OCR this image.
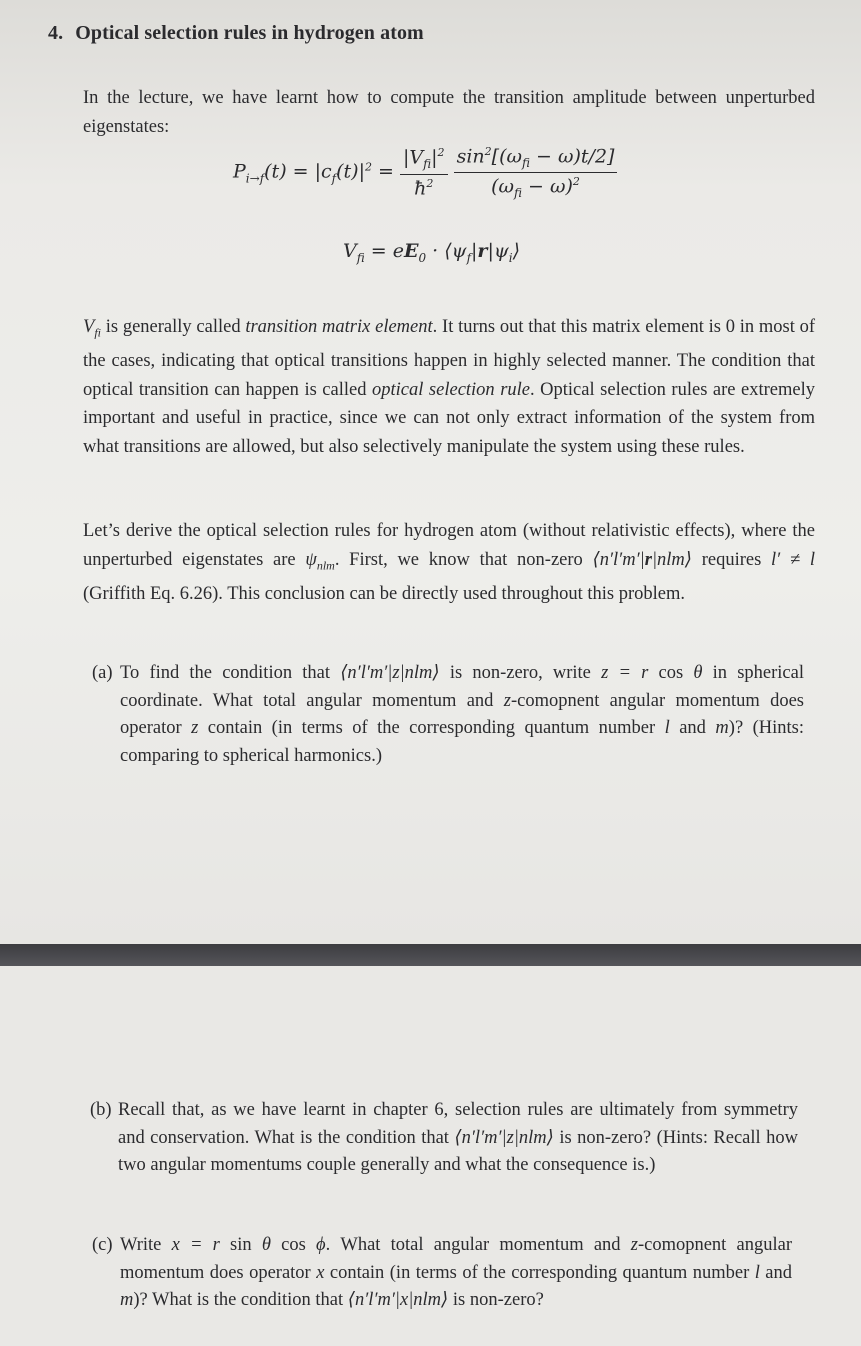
4. Optical selection rules in hydrogen atom
In the lecture, we have learnt how to compute the transition amplitude between unperturbed eigenstates:
$P_{i\to f}(t) = |c_f(t)|^2 = \frac{|V_{fi}|^2}{ħ^2}$
$\frac{\sin^2[(\omega_{fi} - \omega)t/2]}{(\omega_{fi} - \omega)^2}$
$V_{fi} = eE_0$ · $⟨\psi_f|r|\psi_i⟩$
$V_{fi}$ is generally called transition matrix element. It turns out that this matrix element is 0 in most of the cases, indicating that optical transitions happen in highly selected manner. The condition that optical transition can happen is called optical selection rule. Optical selection rules are extremely important and useful in practice, since we can not only extract information of the system from what transitions are allowed, but also selectively manipulate the system using these rules.
Let’s derive the optical selection rules for hydrogen atom (without relativistic effects), where the unperturbed eigenstates are $\psi_{nlm}$. First, we know that non-zero ⟨n′l′m′|r|nlm⟩ requires l′ ≠ l (Griffith Eq. 6.26). This conclusion can be directly used throughout this problem.
(a) To find the condition that ⟨n′l′m′|z|nlm⟩ is non-zero, write z = r cos θ in spherical coordinate. What total angular momentum and z-comopnent angular momentum does operator z contain (in terms of the corresponding quantum number l and m)? (Hints: comparing to spherical harmonics.)
(b) Recall that, as we have learnt in chapter 6, selection rules are ultimately from symmetry and conservation. What is the condition that ⟨n′l′m′|z|nlm⟩ is non-zero? (Hints: Recall how two angular momentums couple generally and what the consequence is.)
(c) Write x = r sin θ cos ϕ. What total angular momentum and z-comopnent angular momentum does operator x contain (in terms of the corresponding quantum number l and m)? What is the condition that ⟨n′l′m′|x|nlm⟩ is non-zero?
